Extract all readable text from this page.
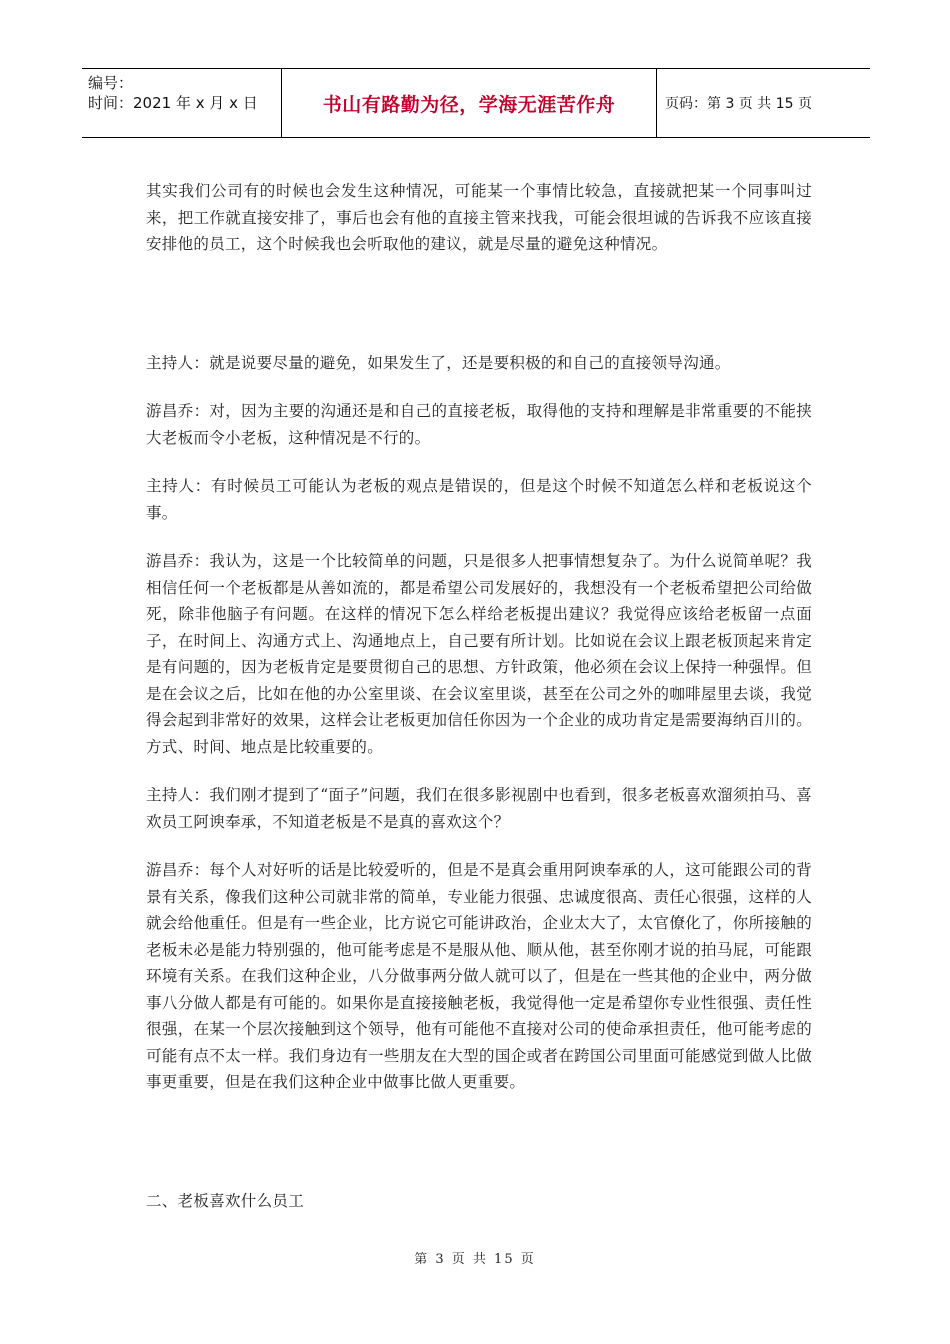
编号：
时间：2021 年 x 月 x 日	书山有路勤为径，学海无涯苦作舟	页码：第 3 页 共 15 页

其实我们公司有的时候也会发生这种情况，可能某一个事情比较急，直接就把某一个同事叫过来，把工作就直接安排了，事后也会有他的直接主管来找我，可能会很坦诚的告诉我不应该直接安排他的员工，这个时候我也会听取他的建议，就是尽量的避免这种情况。

主持人：就是说要尽量的避免，如果发生了，还是要积极的和自己的直接领导沟通。

游昌乔：对，因为主要的沟通还是和自己的直接老板，取得他的支持和理解是非常重要的不能挟大老板而令小老板，这种情况是不行的。

主持人：有时候员工可能认为老板的观点是错误的，但是这个时候不知道怎么样和老板说这个事。

游昌乔：我认为，这是一个比较简单的问题，只是很多人把事情想复杂了。为什么说简单呢？我相信任何一个老板都是从善如流的，都是希望公司发展好的，我想没有一个老板希望把公司给做死，除非他脑子有问题。在这样的情况下怎么样给老板提出建议？我觉得应该给老板留一点面子，在时间上、沟通方式上、沟通地点上，自己要有所计划。比如说在会议上跟老板顶起来肯定是有问题的，因为老板肯定是要贯彻自己的思想、方针政策，他必须在会议上保持一种强悍。但是在会议之后，比如在他的办公室里谈、在会议室里谈，甚至在公司之外的咖啡屋里去谈，我觉得会起到非常好的效果，这样会让老板更加信任你因为一个企业的成功肯定是需要海纳百川的。方式、时间、地点是比较重要的。

主持人：我们刚才提到了“面子”问题，我们在很多影视剧中也看到，很多老板喜欢溜须拍马、喜欢员工阿谀奉承，不知道老板是不是真的喜欢这个？

游昌乔：每个人对好听的话是比较爱听的，但是不是真会重用阿谀奉承的人，这可能跟公司的背景有关系，像我们这种公司就非常的简单，专业能力很强、忠诚度很高、责任心很强，这样的人就会给他重任。但是有一些企业，比方说它可能讲政治，企业太大了，太官僚化了，你所接触的老板未必是能力特别强的，他可能考虑是不是服从他、顺从他，甚至你刚才说的拍马屁，可能跟环境有关系。在我们这种企业，八分做事两分做人就可以了，但是在一些其他的企业中，两分做事八分做人都是有可能的。如果你是直接接触老板，我觉得他一定是希望你专业性很强、责任性很强，在某一个层次接触到这个领导，他有可能他不直接对公司的使命承担责任，他可能考虑的可能有点不太一样。我们身边有一些朋友在大型的国企或者在跨国公司里面可能感觉到做人比做事更重要，但是在我们这种企业中做事比做人更重要。

二、老板喜欢什么员工

第 3 页 共 15 页
